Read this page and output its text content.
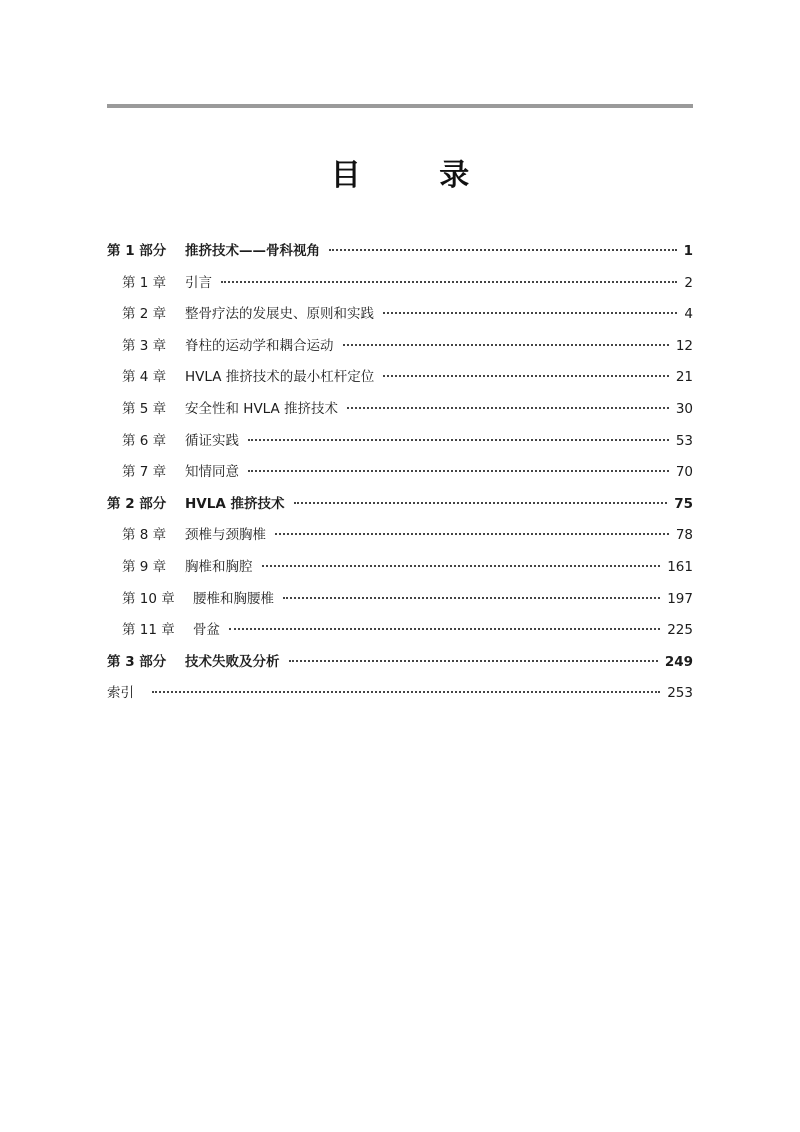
目 录
第 1 部分	推挤技术——骨科视角	1
第 1 章	引言	2
第 2 章	整骨疗法的发展史、原则和实践	4
第 3 章	脊柱的运动学和耦合运动	12
第 4 章	HVLA 推挤技术的最小杠杆定位	21
第 5 章	安全性和 HVLA 推挤技术	30
第 6 章	循证实践	53
第 7 章	知情同意	70
第 2 部分	HVLA 推挤技术	75
第 8 章	颈椎与颈胸椎	78
第 9 章	胸椎和胸腔	161
第 10 章	腰椎和胸腰椎	197
第 11 章	骨盆	225
第 3 部分	技术失败及分析	249
索引	253
